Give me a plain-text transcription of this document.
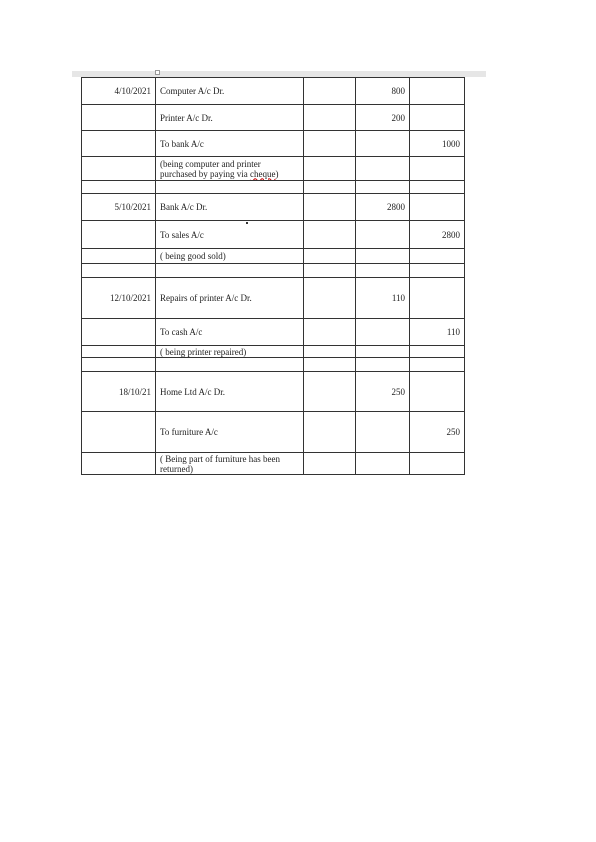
4/10/2021	Computer A/c Dr.		800	
	Printer A/c Dr.		200	
	To bank A/c			1000
	(being computer and printer purchased by paying via cheque)			

5/10/2021	Bank A/c Dr.		2800	
	To sales A/c			2800
	( being good sold)			

12/10/2021	Repairs of printer A/c Dr.		110	
	To cash A/c			110
	( being printer repaired)			

18/10/21	Home Ltd A/c Dr.		250	
	To furniture A/c			250
	( Being part of furniture has been returned)			
